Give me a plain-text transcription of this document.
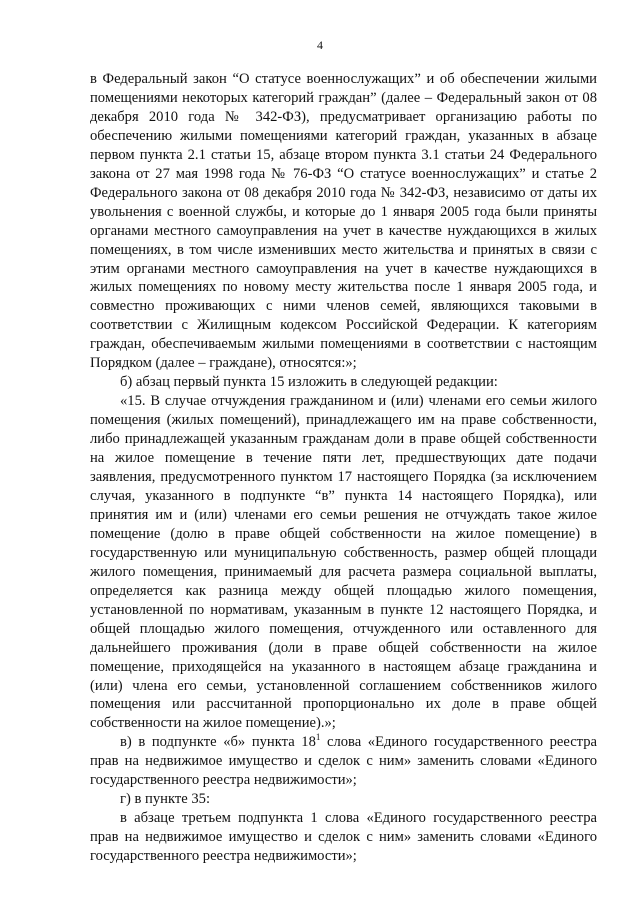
4

в Федеральный закон “О статусе военнослужащих” и об обеспечении жилыми помещениями некоторых категорий граждан” (далее – Федеральный закон от 08 декабря 2010 года № 342-ФЗ), предусматривает организацию работы по обеспечению жилыми помещениями категорий граждан, указанных в абзаце первом пункта 2.1 статьи 15, абзаце втором пункта 3.1 статьи 24 Федерального закона от 27 мая 1998 года № 76-ФЗ “О статусе военнослужащих” и статье 2 Федерального закона от 08 декабря 2010 года № 342-ФЗ, независимо от даты их увольнения с военной службы, и которые до 1 января 2005 года были приняты органами местного самоуправления на учет в качестве нуждающихся в жилых помещениях, в том числе изменивших место жительства и принятых в связи с этим органами местного самоуправления на учет в качестве нуждающихся в жилых помещениях по новому месту жительства после 1 января 2005 года, и совместно проживающих с ними членов семей, являющихся таковыми в соответствии с Жилищным кодексом Российской Федерации. К категориям граждан, обеспечиваемым жилыми помещениями в соответствии с настоящим Порядком (далее – граждане), относятся:»;

б) абзац первый пункта 15 изложить в следующей редакции:

«15. В случае отчуждения гражданином и (или) членами его семьи жилого помещения (жилых помещений), принадлежащего им на праве собственности, либо принадлежащей указанным гражданам доли в праве общей собственности на жилое помещение в течение пяти лет, предшествующих дате подачи заявления, предусмотренного пунктом 17 настоящего Порядка (за исключением случая, указанного в подпункте “в” пункта 14 настоящего Порядка), или принятия им и (или) членами его семьи решения не отчуждать такое жилое помещение (долю в праве общей собственности на жилое помещение) в государственную или муниципальную собственность, размер общей площади жилого помещения, принимаемый для расчета размера социальной выплаты, определяется как разница между общей площадью жилого помещения, установленной по нормативам, указанным в пункте 12 настоящего Порядка, и общей площадью жилого помещения, отчужденного или оставленного для дальнейшего проживания (доли в праве общей собственности на жилое помещение, приходящейся на указанного в настоящем абзаце гражданина и (или) члена его семьи, установленной соглашением собственников жилого помещения или рассчитанной пропорционально их доле в праве общей собственности на жилое помещение).»;

в) в подпункте «б» пункта $18^1$ слова «Единого государственного реестра прав на недвижимое имущество и сделок с ним» заменить словами «Единого государственного реестра недвижимости»;

г) в пункте 35:

в абзаце третьем подпункта 1 слова «Единого государственного реестра прав на недвижимое имущество и сделок с ним» заменить словами «Единого государственного реестра недвижимости»;
